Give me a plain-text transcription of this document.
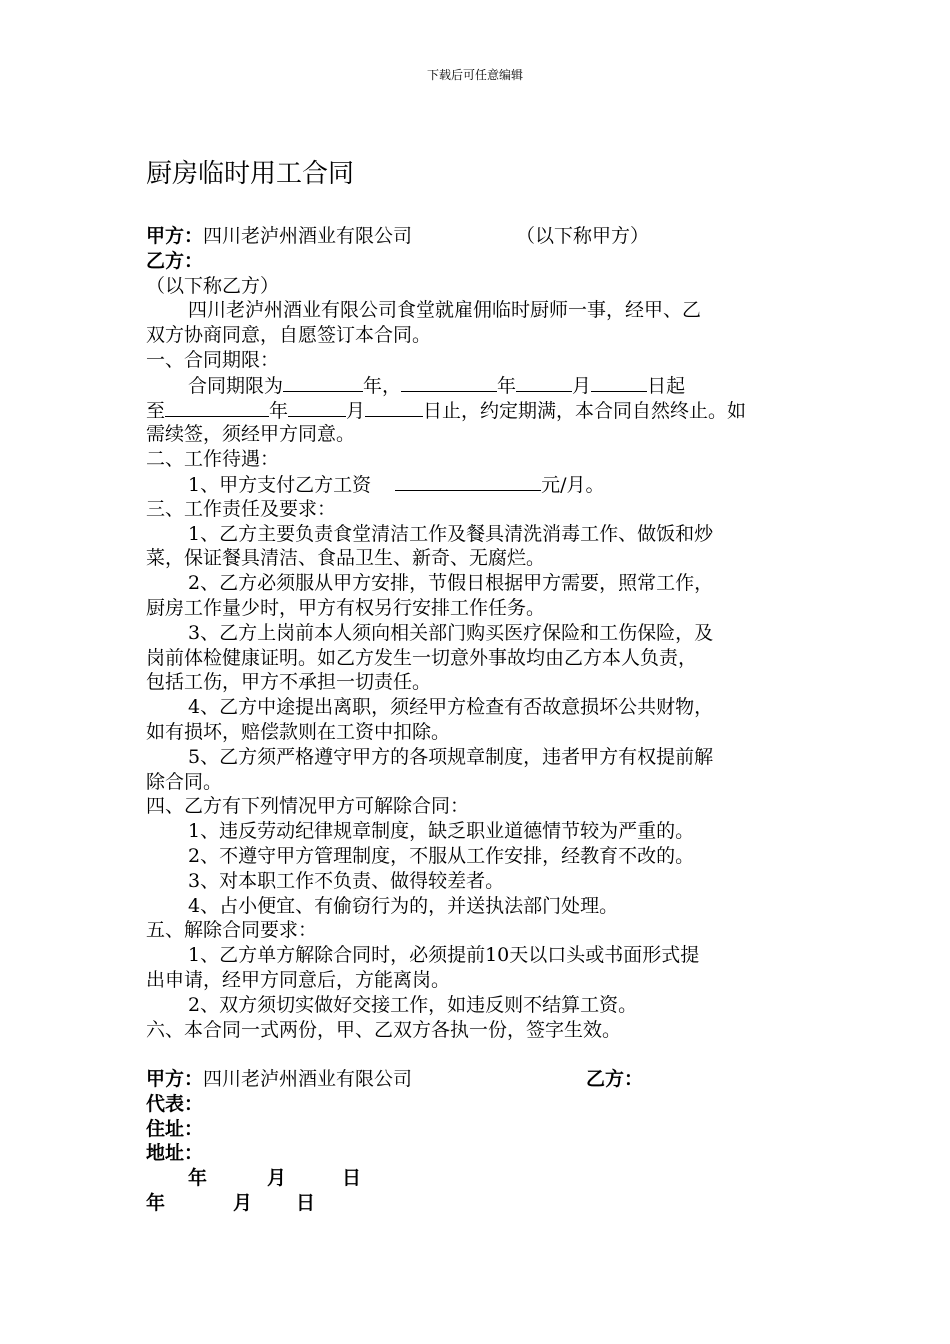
下载后可任意编辑
厨房临时用工合同
甲方：四川老泸州酒业有限公司	（以下称甲方）
乙方：
（以下称乙方）
四川老泸州酒业有限公司食堂就雇佣临时厨师一事，经甲、乙
双方协商同意，自愿签订本合同。
一、合同期限：
合同期限为	年，	年	月	日起
至	年	月	日止，约定期满，本合同自然终止。如
需续签，须经甲方同意。
二、工作待遇：
1、甲方支付乙方工资	元/月。
三、工作责任及要求：
1、乙方主要负责食堂清洁工作及餐具清洗消毒工作、做饭和炒
菜，保证餐具清洁、食品卫生、新奇、无腐烂。
2、乙方必须服从甲方安排，节假日根据甲方需要，照常工作，
厨房工作量少时，甲方有权另行安排工作任务。
3、乙方上岗前本人须向相关部门购买医疗保险和工伤保险，及
岗前体检健康证明。如乙方发生一切意外事故均由乙方本人负责，
包括工伤，甲方不承担一切责任。
4、乙方中途提出离职，须经甲方检查有否故意损坏公共财物，
如有损坏，赔偿款则在工资中扣除。
5、乙方须严格遵守甲方的各项规章制度，违者甲方有权提前解
除合同。
四、乙方有下列情况甲方可解除合同：
1、违反劳动纪律规章制度，缺乏职业道德情节较为严重的。
2、不遵守甲方管理制度，不服从工作安排，经教育不改的。
3、对本职工作不负责、做得较差者。
4、占小便宜、有偷窃行为的，并送执法部门处理。
五、解除合同要求：
1、乙方单方解除合同时，必须提前10天以口头或书面形式提
出申请，经甲方同意后，方能离岗。
2、双方须切实做好交接工作，如违反则不结算工资。
六、本合同一式两份，甲、乙双方各执一份，签字生效。
甲方：四川老泸州酒业有限公司	乙方：
代表：
住址：
地址：
年	月	日
年	月 日
